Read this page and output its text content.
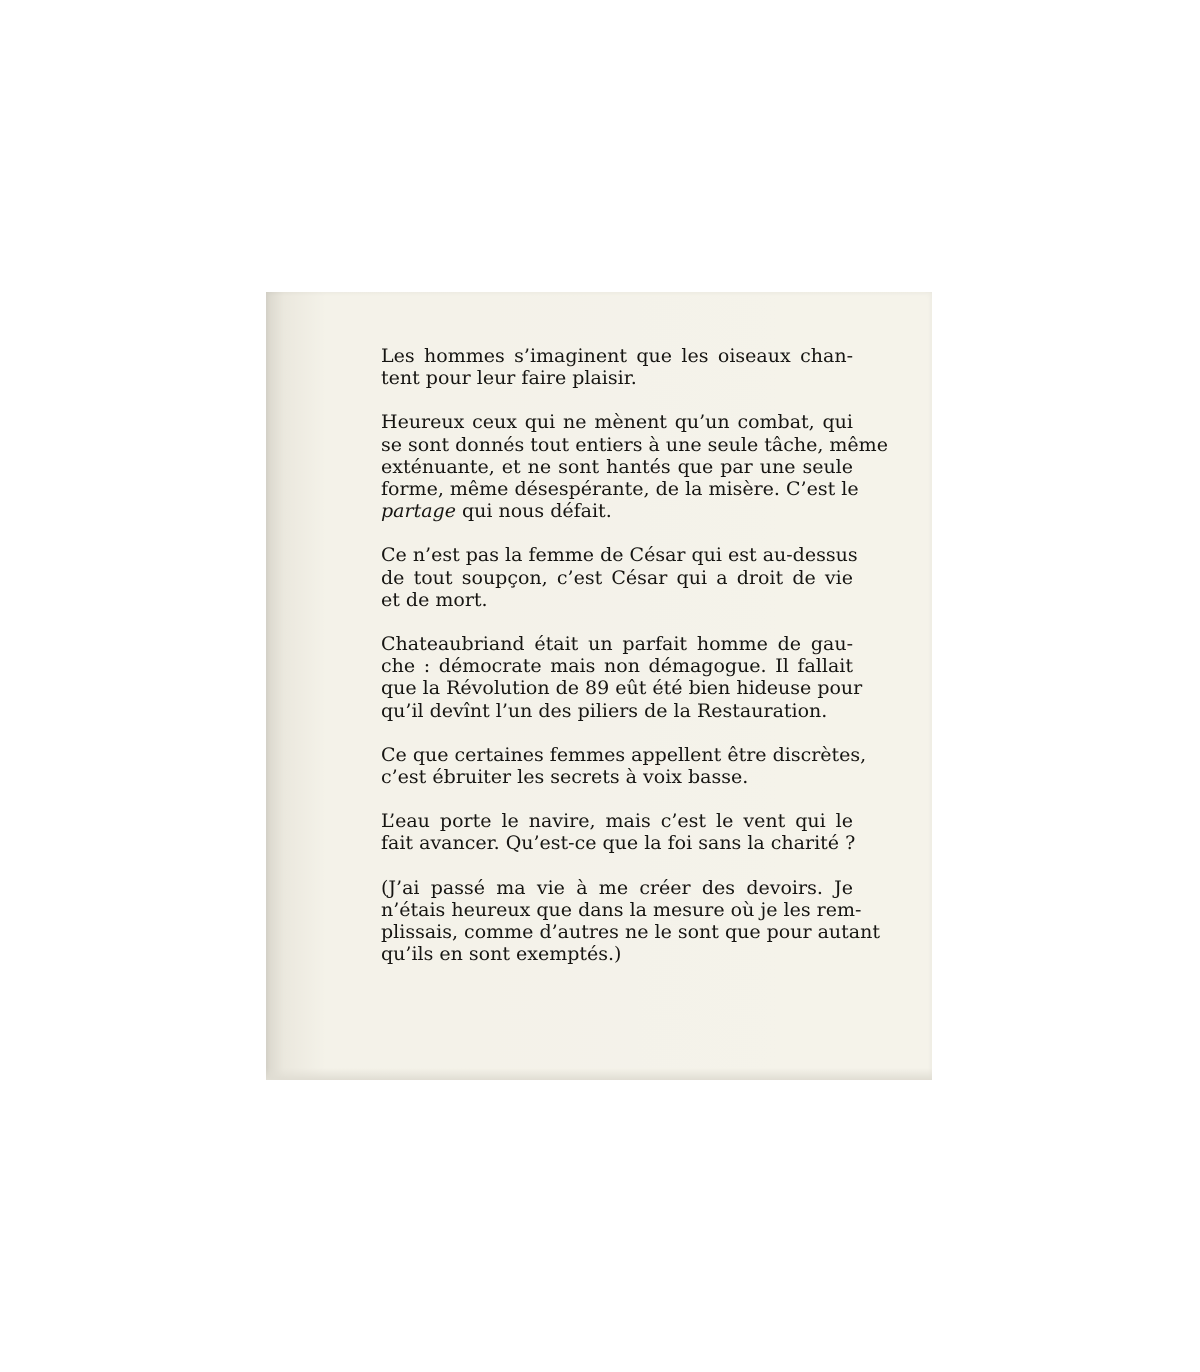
Les hommes s’imaginent que les oiseaux chan-
tent pour leur faire plaisir.

Heureux ceux qui ne mènent qu’un combat, qui
se sont donnés tout entiers à une seule tâche, même
exténuante, et ne sont hantés que par une seule
forme, même désespérante, de la misère. C’est le
partage qui nous défait.

Ce n’est pas la femme de César qui est au-dessus
de tout soupçon, c’est César qui a droit de vie
et de mort.

Chateaubriand était un parfait homme de gau-
che : démocrate mais non démagogue. Il fallait
que la Révolution de 89 eût été bien hideuse pour
qu’il devînt l’un des piliers de la Restauration.

Ce que certaines femmes appellent être discrètes,
c’est ébruiter les secrets à voix basse.

L’eau porte le navire, mais c’est le vent qui le
fait avancer. Qu’est-ce que la foi sans la charité ?

(J’ai passé ma vie à me créer des devoirs. Je
n’étais heureux que dans la mesure où je les rem-
plissais, comme d’autres ne le sont que pour autant
qu’ils en sont exemptés.)
